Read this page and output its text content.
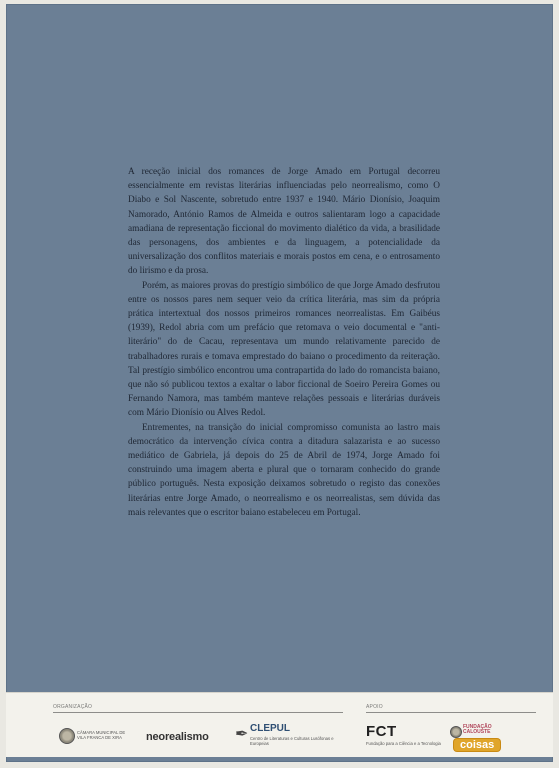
A receção inicial dos romances de Jorge Amado em Portugal decorreu essencialmente em revistas literárias influenciadas pelo neorrealismo, como O Diabo e Sol Nascente, sobretudo entre 1937 e 1940. Mário Dionísio, Joaquim Namorado, António Ramos de Almeida e outros salientaram logo a capacidade amadiana de representação ficcional do movimento dialético da vida, a brasilidade das personagens, dos ambientes e da linguagem, a potencialidade da universalização dos conflitos materiais e morais postos em cena, e o entrosamento do lirismo e da prosa.

Porém, as maiores provas do prestígio simbólico de que Jorge Amado desfrutou entre os nossos pares nem sequer veio da crítica literária, mas sim da própria prática intertextual dos nossos primeiros romances neorrealistas. Em Gaibéus (1939), Redol abria com um prefácio que retomava o veio documental e "anti-literário" do de Cacau, representava um mundo relativamente parecido de trabalhadores rurais e tomava emprestado do baiano o procedimento da reiteração. Tal prestígio simbólico encontrou uma contrapartida do lado do romancista baiano, que não só publicou textos a exaltar o labor ficcional de Soeiro Pereira Gomes ou Fernando Namora, mas também manteve relações pessoais e literárias duráveis com Mário Dionísio ou Alves Redol.

Entrementes, na transição do inicial compromisso comunista ao lastro mais democrático da intervenção cívica contra a ditadura salazarista e ao sucesso mediático de Gabriela, já depois do 25 de Abril de 1974, Jorge Amado foi construindo uma imagem aberta e plural que o tornaram conhecido do grande público português. Nesta exposição deixamos sobretudo o registo das conexões literárias entre Jorge Amado, o neorrealismo e os neorrealistas, sem dúvida das mais relevantes que o escritor baiano estabeleceu em Portugal.

ORGANIZAÇÃO	APOIO
CÂMARA MUNICIPAL DE VILA FRANCA DE XIRA	neorealismo ✒ CLEPUL
Centro de Literaturas e Culturas Lusófonas e Europeias
FCT
Fundação para a Ciência e a Tecnologia
FUNDAÇÃO CALOUSTE
coisas
